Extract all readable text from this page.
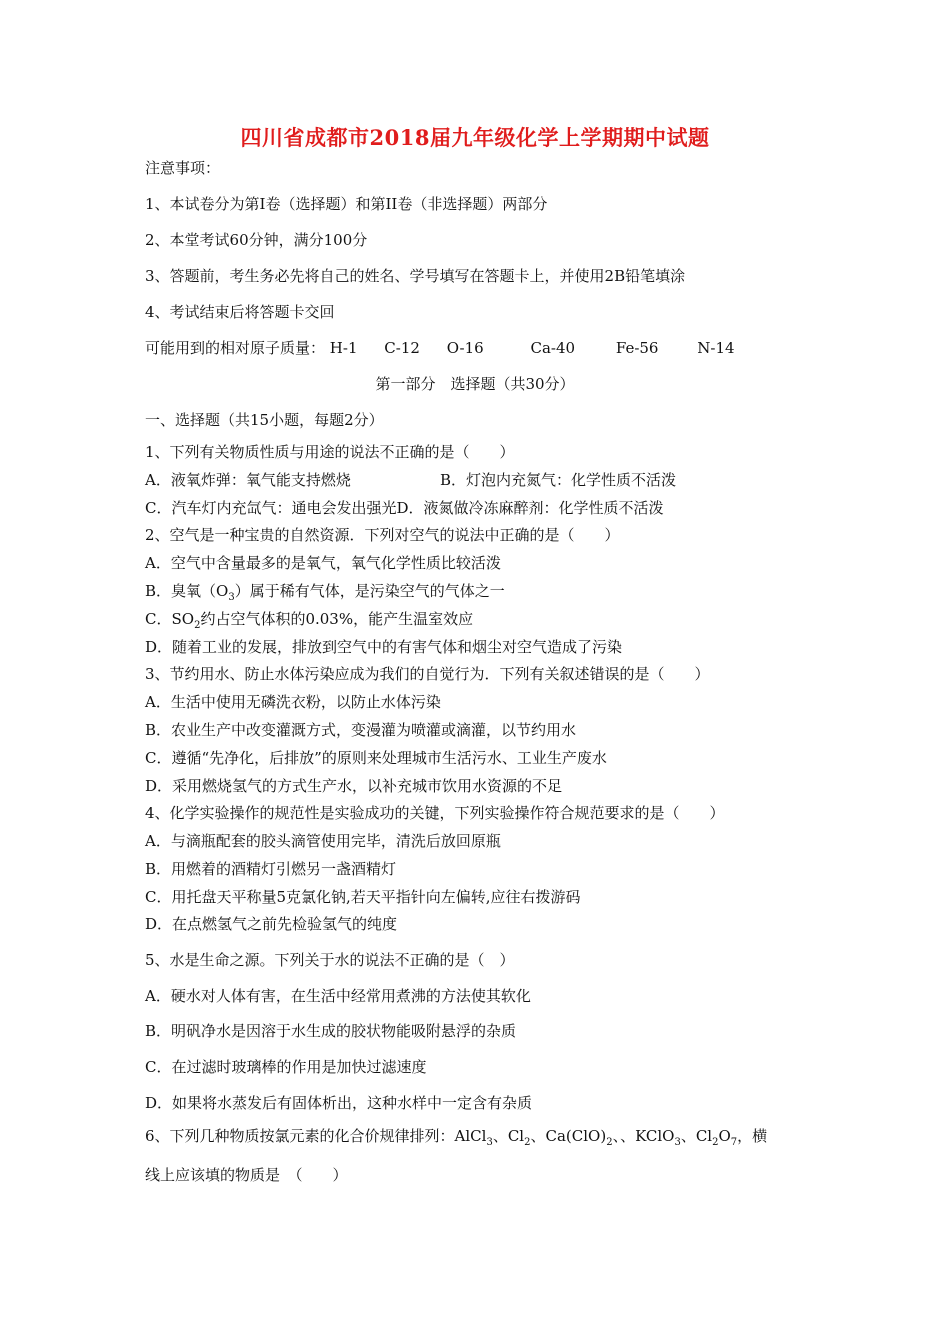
四川省成都市2018届九年级化学上学期期中试题
注意事项：
1、本试卷分为第Ⅰ卷（选择题）和第II卷（非选择题）两部分
2、本堂考试60分钟，满分100分
3、答题前，考生务必先将自己的姓名、学号填写在答题卡上，并使用2B铅笔填涂
4、考试结束后将答题卡交回
可能用到的相对原子质量： H-1 C-12 O-16	Ca-40	Fe-56	N-14
第一部分　选择题（共30分）
一、选择题（共15小题，每题2分）
1、下列有关物质性质与用途的说法不正确的是（　　）
A．液氧炸弹：氧气能支持燃烧	B．灯泡内充氮气：化学性质不活泼
C．汽车灯内充氙气：通电会发出强光D．液氮做冷冻麻醉剂：化学性质不活泼
2、空气是一种宝贵的自然资源．下列对空气的说法中正确的是（　　）
A．空气中含量最多的是氧气，氧气化学性质比较活泼
B．臭氧$(O_3)$属于稀有气体，是污染空气的气体之一
C．$SO_2$约占空气体积的0.03%，能产生温室效应
D．随着工业的发展，排放到空气中的有害气体和烟尘对空气造成了污染
3、节约用水、防止水体污染应成为我们的自觉行为．下列有关叙述错误的是（　　）
A．生活中使用无磷洗衣粉，以防止水体污染
B．农业生产中改变灌溉方式，变漫灌为喷灌或滴灌，以节约用水
C．遵循“先净化，后排放”的原则来处理城市生活污水、工业生产废水
D．采用燃烧氢气的方式生产水，以补充城市饮用水资源的不足
4、化学实验操作的规范性是实验成功的关键，下列实验操作符合规范要求的是（　　）
A．与滴瓶配套的胶头滴管使用完毕，清洗后放回原瓶
B．用燃着的酒精灯引燃另一盏酒精灯
C．用托盘天平称量5克氯化钠,若天平指针向左偏转,应往右拨游码
D．在点燃氢气之前先检验氢气的纯度
5、水是生命之源。下列关于水的说法不正确的是（　）
A．硬水对人体有害，在生活中经常用煮沸的方法使其软化
B．明矾净水是因溶于水生成的胶状物能吸附悬浮的杂质
C．在过滤时玻璃棒的作用是加快过滤速度
D．如果将水蒸发后有固体析出，这种水样中一定含有杂质
6、下列几种物质按氯元素的化合价规律排列：AlCl$_3$、$Cl_2$、$Ca(ClO)_2$、、KClO$_3$、$Cl_2O_7$，横
线上应该填的物质是　（　　）
